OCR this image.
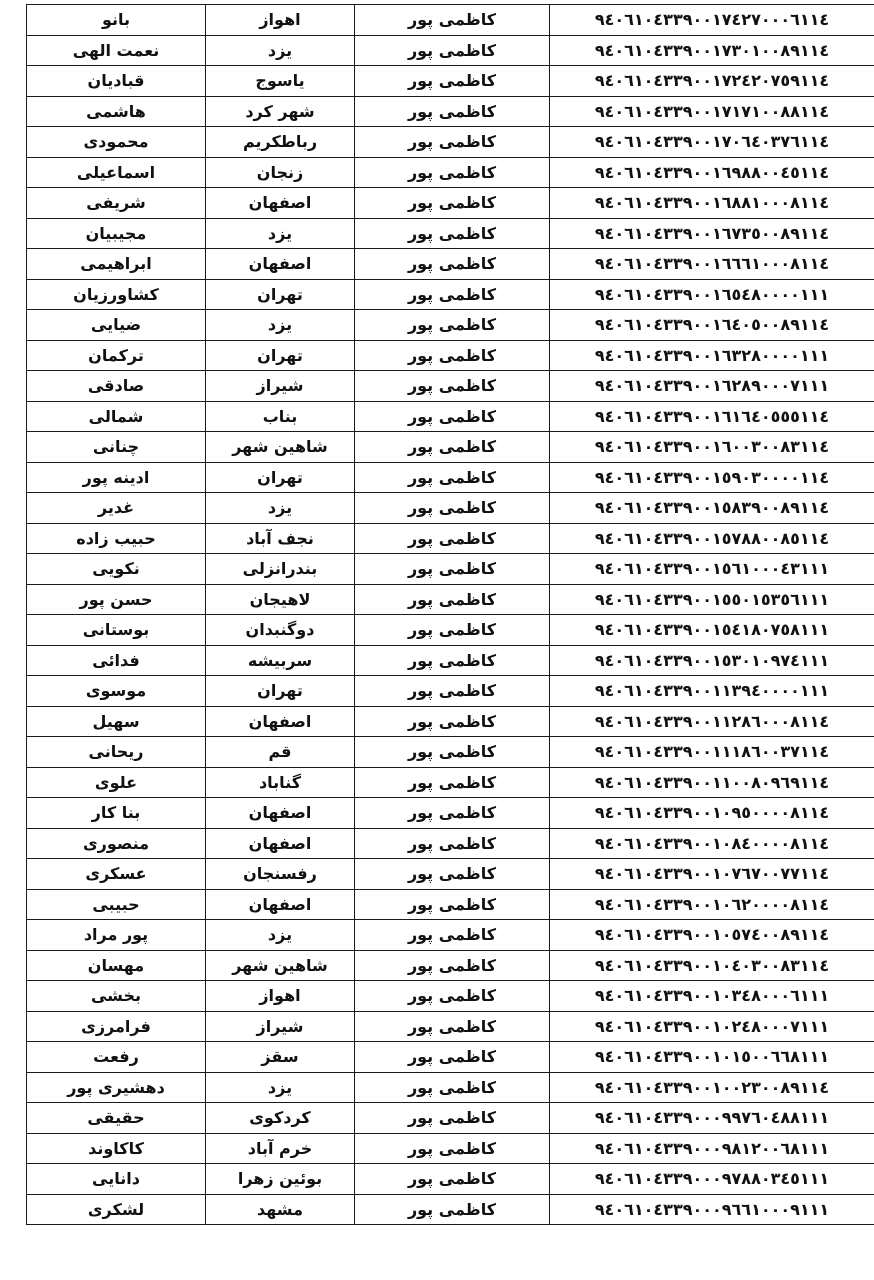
بانو	اهواز	کاظمی پور	۹٤۰٦۱۰٤۳۳۹۰۰۱۷٤۲۷۰۰۰٦۱۱٤
نعمت الهی	یزد	کاظمی پور	۹٤۰٦۱۰٤۳۳۹۰۰۱۷۳۰۱۰۰۸۹۱۱٤
قبادیان	یاسوج	کاظمی پور	۹٤۰٦۱۰٤۳۳۹۰۰۱۷۲٤۲۰۷٥۹۱۱٤
هاشمی	شهر کرد	کاظمی پور	۹٤۰٦۱۰٤۳۳۹۰۰۱۷۱۷۱۰۰۸۸۱۱٤
محمودی	رباطکریم	کاظمی پور	۹٤۰٦۱۰٤۳۳۹۰۰۱۷۰٦٤۰۳۷٦۱۱٤
اسماعیلی	زنجان	کاظمی پور	۹٤۰٦۱۰٤۳۳۹۰۰۱٦۹۸۸۰۰٤٥۱۱٤
شریفی	اصفهان	کاظمی پور	۹٤۰٦۱۰٤۳۳۹۰۰۱٦۸۸۱۰۰۰۸۱۱٤
مجیبیان	یزد	کاظمی پور	۹٤۰٦۱۰٤۳۳۹۰۰۱٦۷۳٥۰۰۸۹۱۱٤
ابراهیمی	اصفهان	کاظمی پور	۹٤۰٦۱۰٤۳۳۹۰۰۱٦٦٦۱۰۰۰۸۱۱٤
کشاورزیان	تهران	کاظمی پور	۹٤۰٦۱۰٤۳۳۹۰۰۱٦٥٤۸۰۰۰۰۱۱۱
ضیایی	یزد	کاظمی پور	۹٤۰٦۱۰٤۳۳۹۰۰۱٦٤۰٥۰۰۸۹۱۱٤
ترکمان	تهران	کاظمی پور	۹٤۰٦۱۰٤۳۳۹۰۰۱٦۳۲۸۰۰۰۰۱۱۱
صادقی	شیراز	کاظمی پور	۹٤۰٦۱۰٤۳۳۹۰۰۱٦۲۸۹۰۰۰۷۱۱۱
شمالی	بناب	کاظمی پور	۹٤۰٦۱۰٤۳۳۹۰۰۱٦۱٦٤۰٥٥٥۱۱٤
چنانی	شاهین شهر	کاظمی پور	۹٤۰٦۱۰٤۳۳۹۰۰۱٦۰۰۳۰۰۸۳۱۱٤
ادینه پور	تهران	کاظمی پور	۹٤۰٦۱۰٤۳۳۹۰۰۱٥۹۰۳۰۰۰۰۱۱٤
غدیر	یزد	کاظمی پور	۹٤۰٦۱۰٤۳۳۹۰۰۱٥۸۳۹۰۰۸۹۱۱٤
حبیب زاده	نجف آباد	کاظمی پور	۹٤۰٦۱۰٤۳۳۹۰۰۱٥۷۸۸۰۰۸٥۱۱٤
نکویی	بندرانزلی	کاظمی پور	۹٤۰٦۱۰٤۳۳۹۰۰۱٥٦۱۰۰۰٤۳۱۱۱
حسن پور	لاهیجان	کاظمی پور	۹٤۰٦۱۰٤۳۳۹۰۰۱٥٥۰۱٥۳٥٦۱۱۱
بوستانی	دوگنبدان	کاظمی پور	۹٤۰٦۱۰٤۳۳۹۰۰۱٥٤۱۸۰۷٥۸۱۱۱
فدائی	سربیشه	کاظمی پور	۹٤۰٦۱۰٤۳۳۹۰۰۱٥۳۰۱۰۹۷٤۱۱۱
موسوی	تهران	کاظمی پور	۹٤۰٦۱۰٤۳۳۹۰۰۱۱۳۹٤۰۰۰۰۱۱۱
سهیل	اصفهان	کاظمی پور	۹٤۰٦۱۰٤۳۳۹۰۰۱۱۲۸٦۰۰۰۸۱۱٤
ریحانی	قم	کاظمی پور	۹٤۰٦۱۰٤۳۳۹۰۰۱۱۱۸٦۰۰۳۷۱۱٤
علوی	گناباد	کاظمی پور	۹٤۰٦۱۰٤۳۳۹۰۰۱۱۰۰۸۰۹٦۹۱۱٤
بنا کار	اصفهان	کاظمی پور	۹٤۰٦۱۰٤۳۳۹۰۰۱۰۹٥۰۰۰۰۸۱۱٤
منصوری	اصفهان	کاظمی پور	۹٤۰٦۱۰٤۳۳۹۰۰۱۰۸٤۰۰۰۰۸۱۱٤
عسکری	رفسنجان	کاظمی پور	۹٤۰٦۱۰٤۳۳۹۰۰۱۰۷٦۷۰۰۷۷۱۱٤
حبیبی	اصفهان	کاظمی پور	۹٤۰٦۱۰٤۳۳۹۰۰۱۰٦۲۰۰۰۰۸۱۱٤
پور مراد	یزد	کاظمی پور	۹٤۰٦۱۰٤۳۳۹۰۰۱۰٥۷٤۰۰۸۹۱۱٤
مهسان	شاهین شهر	کاظمی پور	۹٤۰٦۱۰٤۳۳۹۰۰۱۰٤۰۳۰۰۸۳۱۱٤
بخشی	اهواز	کاظمی پور	۹٤۰٦۱۰٤۳۳۹۰۰۱۰۳٤۸۰۰۰٦۱۱۱
فرامرزی	شیراز	کاظمی پور	۹٤۰٦۱۰٤۳۳۹۰۰۱۰۲٤۸۰۰۰۷۱۱۱
رفعت	سقز	کاظمی پور	۹٤۰٦۱۰٤۳۳۹۰۰۱۰۱٥۰۰٦٦۸۱۱۱
دهشیری پور	یزد	کاظمی پور	۹٤۰٦۱۰٤۳۳۹۰۰۱۰۰۲۳۰۰۸۹۱۱٤
حقیقی	کردکوی	کاظمی پور	۹٤۰٦۱۰٤۳۳۹۰۰۰۹۹۷٦۰٤۸۸۱۱۱
کاکاوند	خرم آباد	کاظمی پور	۹٤۰٦۱۰٤۳۳۹۰۰۰۹۸۱۲۰۰٦۸۱۱۱
دانایی	بوئین زهرا	کاظمی پور	۹٤۰٦۱۰٤۳۳۹۰۰۰۹۷۸۸۰۳٤٥۱۱۱
لشکری	مشهد	کاظمی پور	۹٤۰٦۱۰٤۳۳۹۰۰۰۹٦٦۱۰۰۰۹۱۱۱
